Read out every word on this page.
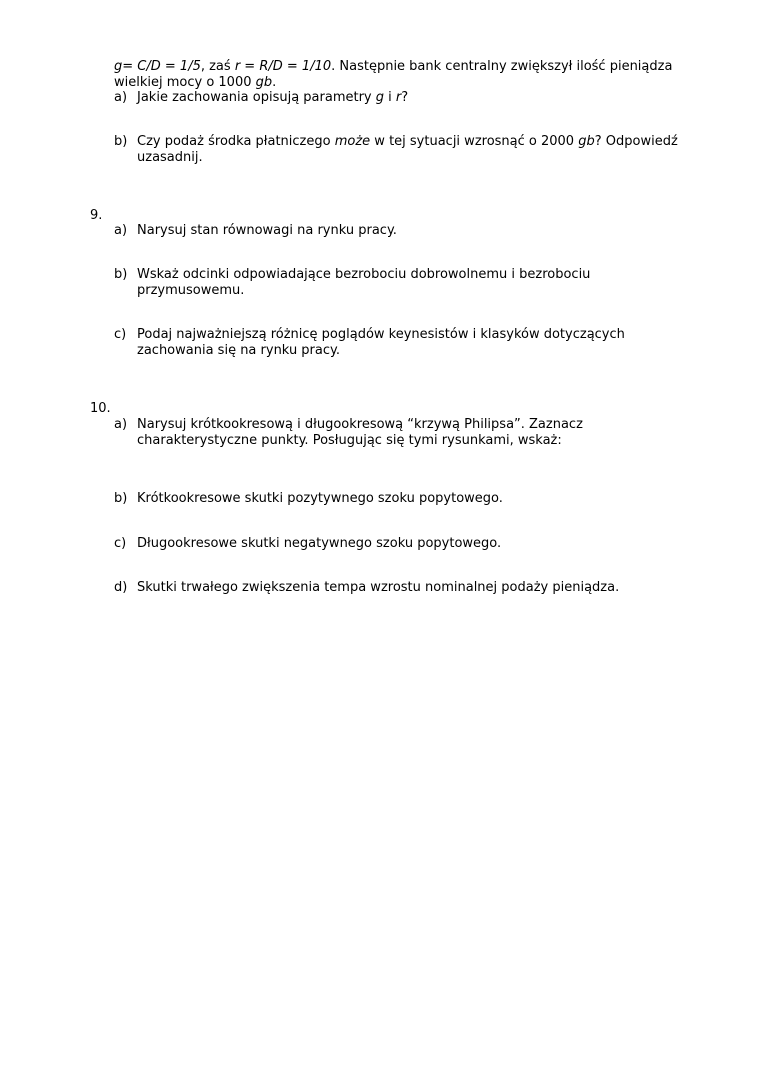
g= C/D = 1/5, zaś r = R/D = 1/10. Następnie bank centralny zwiększył ilość pieniądza wielkiej mocy o 1000 gb.
a) Jakie zachowania opisują parametry g i r?
b) Czy podaż środka płatniczego może w tej sytuacji wzrosnąć o 2000 gb? Odpowiedź uzasadnij.
9.
a) Narysuj stan równowagi na rynku pracy.
b) Wskaż odcinki odpowiadające bezrobociu dobrowolnemu i bezrobociu przymusowemu.
c) Podaj najważniejszą różnicę poglądów keynesistów i klasyków dotyczących zachowania się na rynku pracy.
10.
a) Narysuj krótkookresową i długookresową “krzywą Philipsa”. Zaznacz charakterystyczne punkty. Posługując się tymi rysunkami, wskaż:
b) Krótkookresowe skutki pozytywnego szoku popytowego.
c) Długookresowe skutki negatywnego szoku popytowego.
d) Skutki trwałego zwiększenia tempa wzrostu nominalnej podaży pieniądza.
